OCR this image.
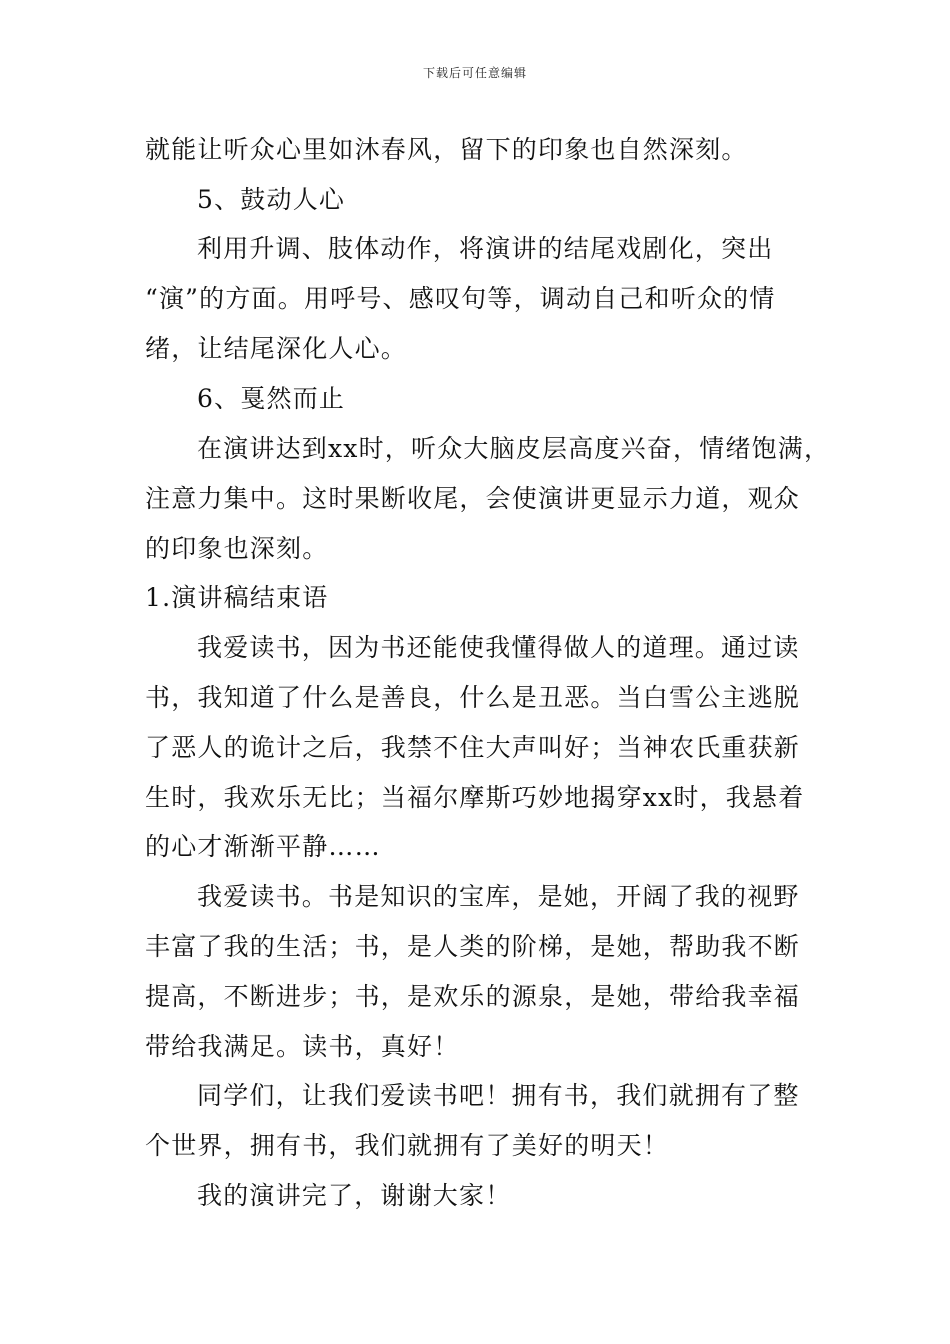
下载后可任意编辑
就能让听众心里如沐春风，留下的印象也自然深刻。
5、鼓动人心
利用升调、肢体动作，将演讲的结尾戏剧化，突出
“演”的方面。用呼号、感叹句等，调动自己和听众的情
绪，让结尾深化人心。
6、戛然而止
在演讲达到xx时，听众大脑皮层高度兴奋，情绪饱满，
注意力集中。这时果断收尾，会使演讲更显示力道，观众
的印象也深刻。
1.演讲稿结束语
我爱读书，因为书还能使我懂得做人的道理。通过读
书，我知道了什么是善良，什么是丑恶。当白雪公主逃脱
了恶人的诡计之后，我禁不住大声叫好；当神农氏重获新
生时，我欢乐无比；当福尔摩斯巧妙地揭穿xx时，我悬着
的心才渐渐平静……
我爱读书。书是知识的宝库，是她，开阔了我的视野
丰富了我的生活；书，是人类的阶梯，是她，帮助我不断
提高，不断进步；书，是欢乐的源泉，是她，带给我幸福
带给我满足。读书，真好！
同学们，让我们爱读书吧！拥有书，我们就拥有了整
个世界，拥有书，我们就拥有了美好的明天！
我的演讲完了，谢谢大家！
